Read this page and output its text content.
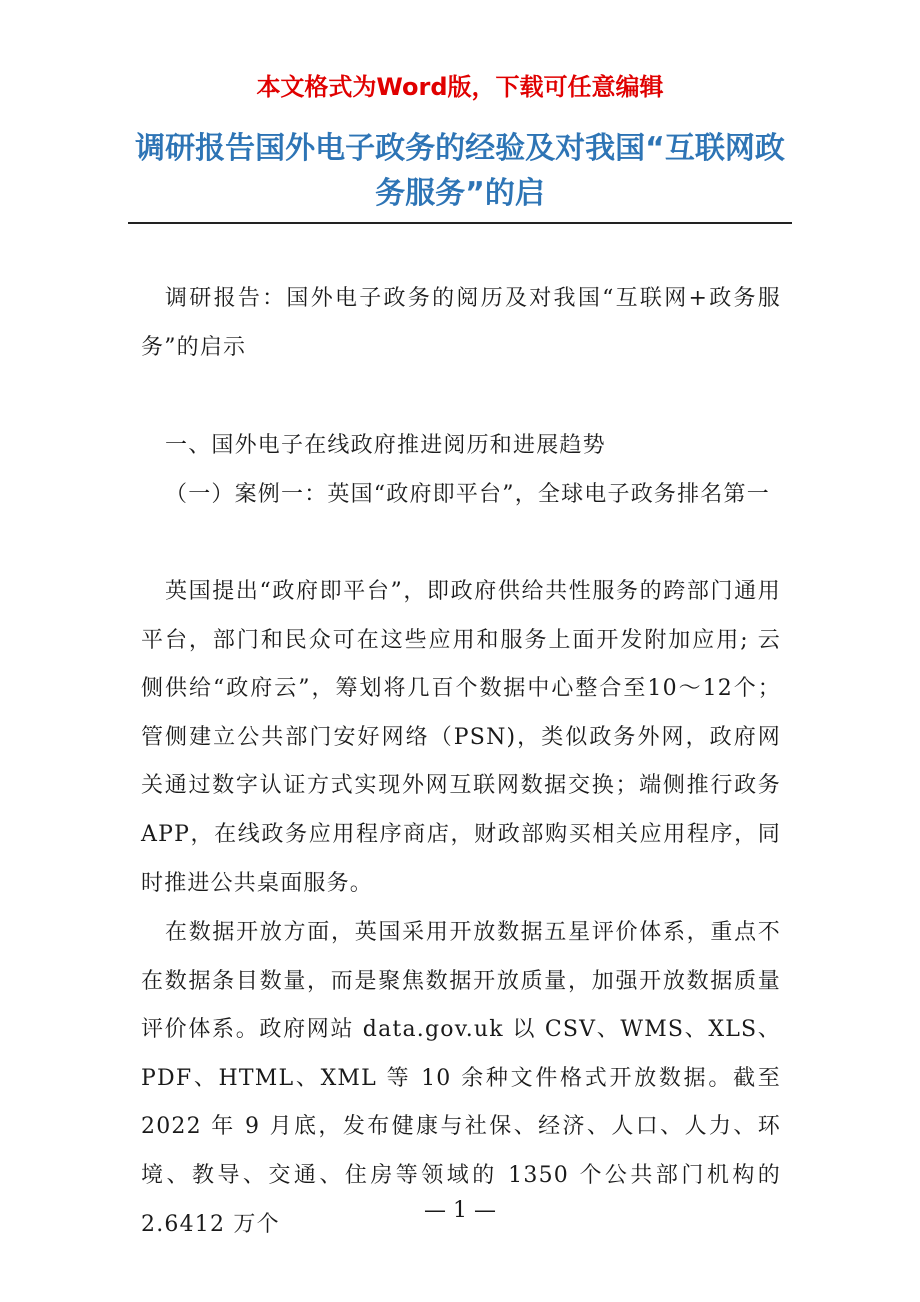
本文格式为Word版，下载可任意编辑
调研报告国外电子政务的经验及对我国“互联网政务服务”的启

调研报告：国外电子政务的阅历及对我国“互联网+政务服务”的启示

一、国外电子在线政府推进阅历和进展趋势

（一）案例一：英国“政府即平台”，全球电子政务排名第一

英国提出“政府即平台”，即政府供给共性服务的跨部门通用平台，部门和民众可在这些应用和服务上面开发附加应用; 云侧供给“政府云”，筹划将几百个数据中心整合至10～12个；管侧建立公共部门安好网络（PSN)，类似政务外网，政府网关通过数字认证方式实现外网互联网数据交换；端侧推行政务APP，在线政务应用程序商店，财政部购买相关应用程序，同时推进公共桌面服务。

在数据开放方面，英国采用开放数据五星评价体系，重点不在数据条目数量，而是聚焦数据开放质量，加强开放数据质量评价体系。政府网站 data.gov.uk 以 CSV、WMS、XLS、PDF、HTML、XML 等 10 余种文件格式开放数据。截至 2022 年 9 月底，发布健康与社保、经济、人口、人力、环境、教导、交通、住房等领域的 1350 个公共部门机构的 2.6412 万个

— 1 —
